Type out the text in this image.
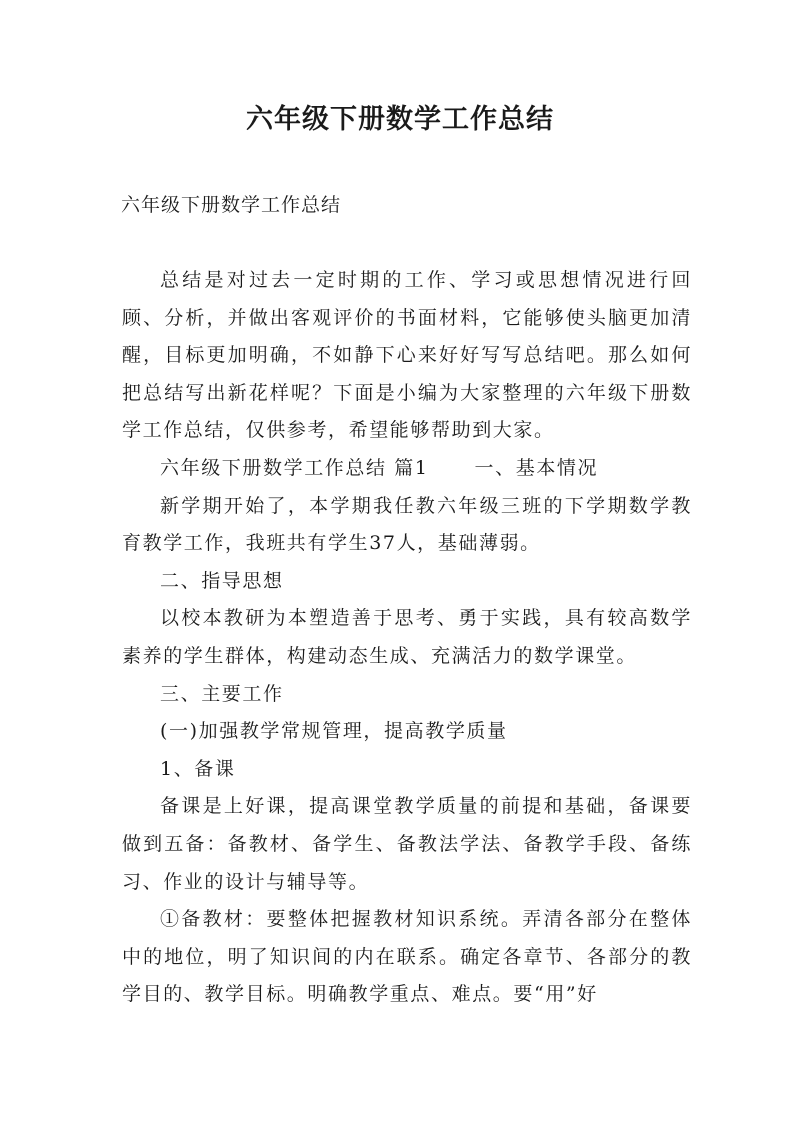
六年级下册数学工作总结
六年级下册数学工作总结

总结是对过去一定时期的工作、学习或思想情况进行回顾、分析，并做出客观评价的书面材料，它能够使头脑更加清醒，目标更加明确，不如静下心来好好写写总结吧。那么如何把总结写出新花样呢？下面是小编为大家整理的六年级下册数学工作总结，仅供参考，希望能够帮助到大家。

六年级下册数学工作总结 篇1 一、基本情况

新学期开始了，本学期我任教六年级三班的下学期数学教育教学工作，我班共有学生37人，基础薄弱。

二、指导思想

以校本教研为本塑造善于思考、勇于实践，具有较高数学素养的学生群体，构建动态生成、充满活力的数学课堂。

三、主要工作

(一)加强教学常规管理，提高教学质量

1、备课

备课是上好课，提高课堂教学质量的前提和基础，备课要做到五备：备教材、备学生、备教法学法、备教学手段、备练习、作业的设计与辅导等。

①备教材：要整体把握教材知识系统。弄清各部分在整体中的地位，明了知识间的内在联系。确定各章节、各部分的教学目的、教学目标。明确教学重点、难点。要“用”好
